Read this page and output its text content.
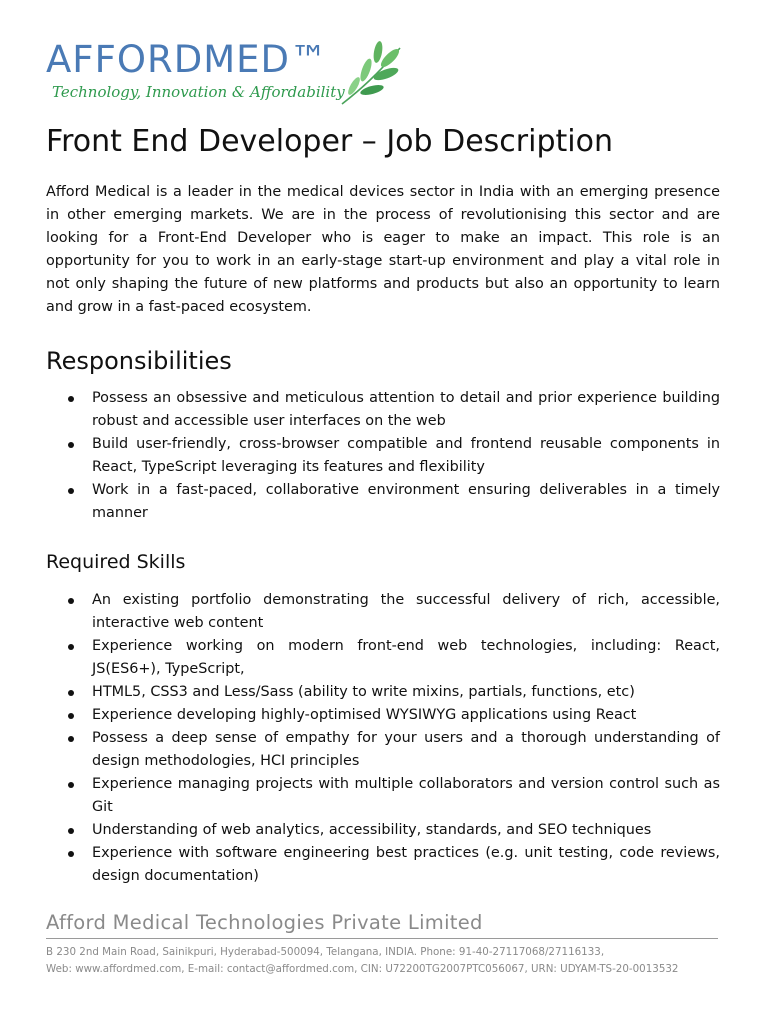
AFFORDMED™
Technology, Innovation & Affordability
Front End Developer – Job Description

Afford Medical is a leader in the medical devices sector in India with an emerging presence in other emerging markets. We are in the process of revolutionising this sector and are looking for a Front-End Developer who is eager to make an impact. This role is an opportunity for you to work in an early-stage start-up environment and play a vital role in not only shaping the future of new platforms and products but also an opportunity to learn and grow in a fast-paced ecosystem.

Responsibilities
Possess an obsessive and meticulous attention to detail and prior experience building robust and accessible user interfaces on the web
Build user-friendly, cross-browser compatible and frontend reusable components in React, TypeScript leveraging its features and flexibility
Work in a fast-paced, collaborative environment ensuring deliverables in a timely manner
Required Skills
An existing portfolio demonstrating the successful delivery of rich, accessible, interactive web content
Experience working on modern front-end web technologies, including: React, JS(ES6+), TypeScript,
HTML5, CSS3 and Less/Sass (ability to write mixins, partials, functions, etc)
Experience developing highly-optimised WYSIWYG applications using React
Possess a deep sense of empathy for your users and a thorough understanding of design methodologies, HCI principles
Experience managing projects with multiple collaborators and version control such as Git
Understanding of web analytics, accessibility, standards, and SEO techniques
Experience with software engineering best practices (e.g. unit testing, code reviews, design documentation)
Afford Medical Technologies Private Limited
B 230 2nd Main Road, Sainikpuri, Hyderabad-500094, Telangana, INDIA. Phone: 91-40-27117068/27116133,
Web: www.affordmed.com, E-mail: contact@affordmed.com, CIN: U72200TG2007PTC056067, URN: UDYAM-TS-20-0013532
